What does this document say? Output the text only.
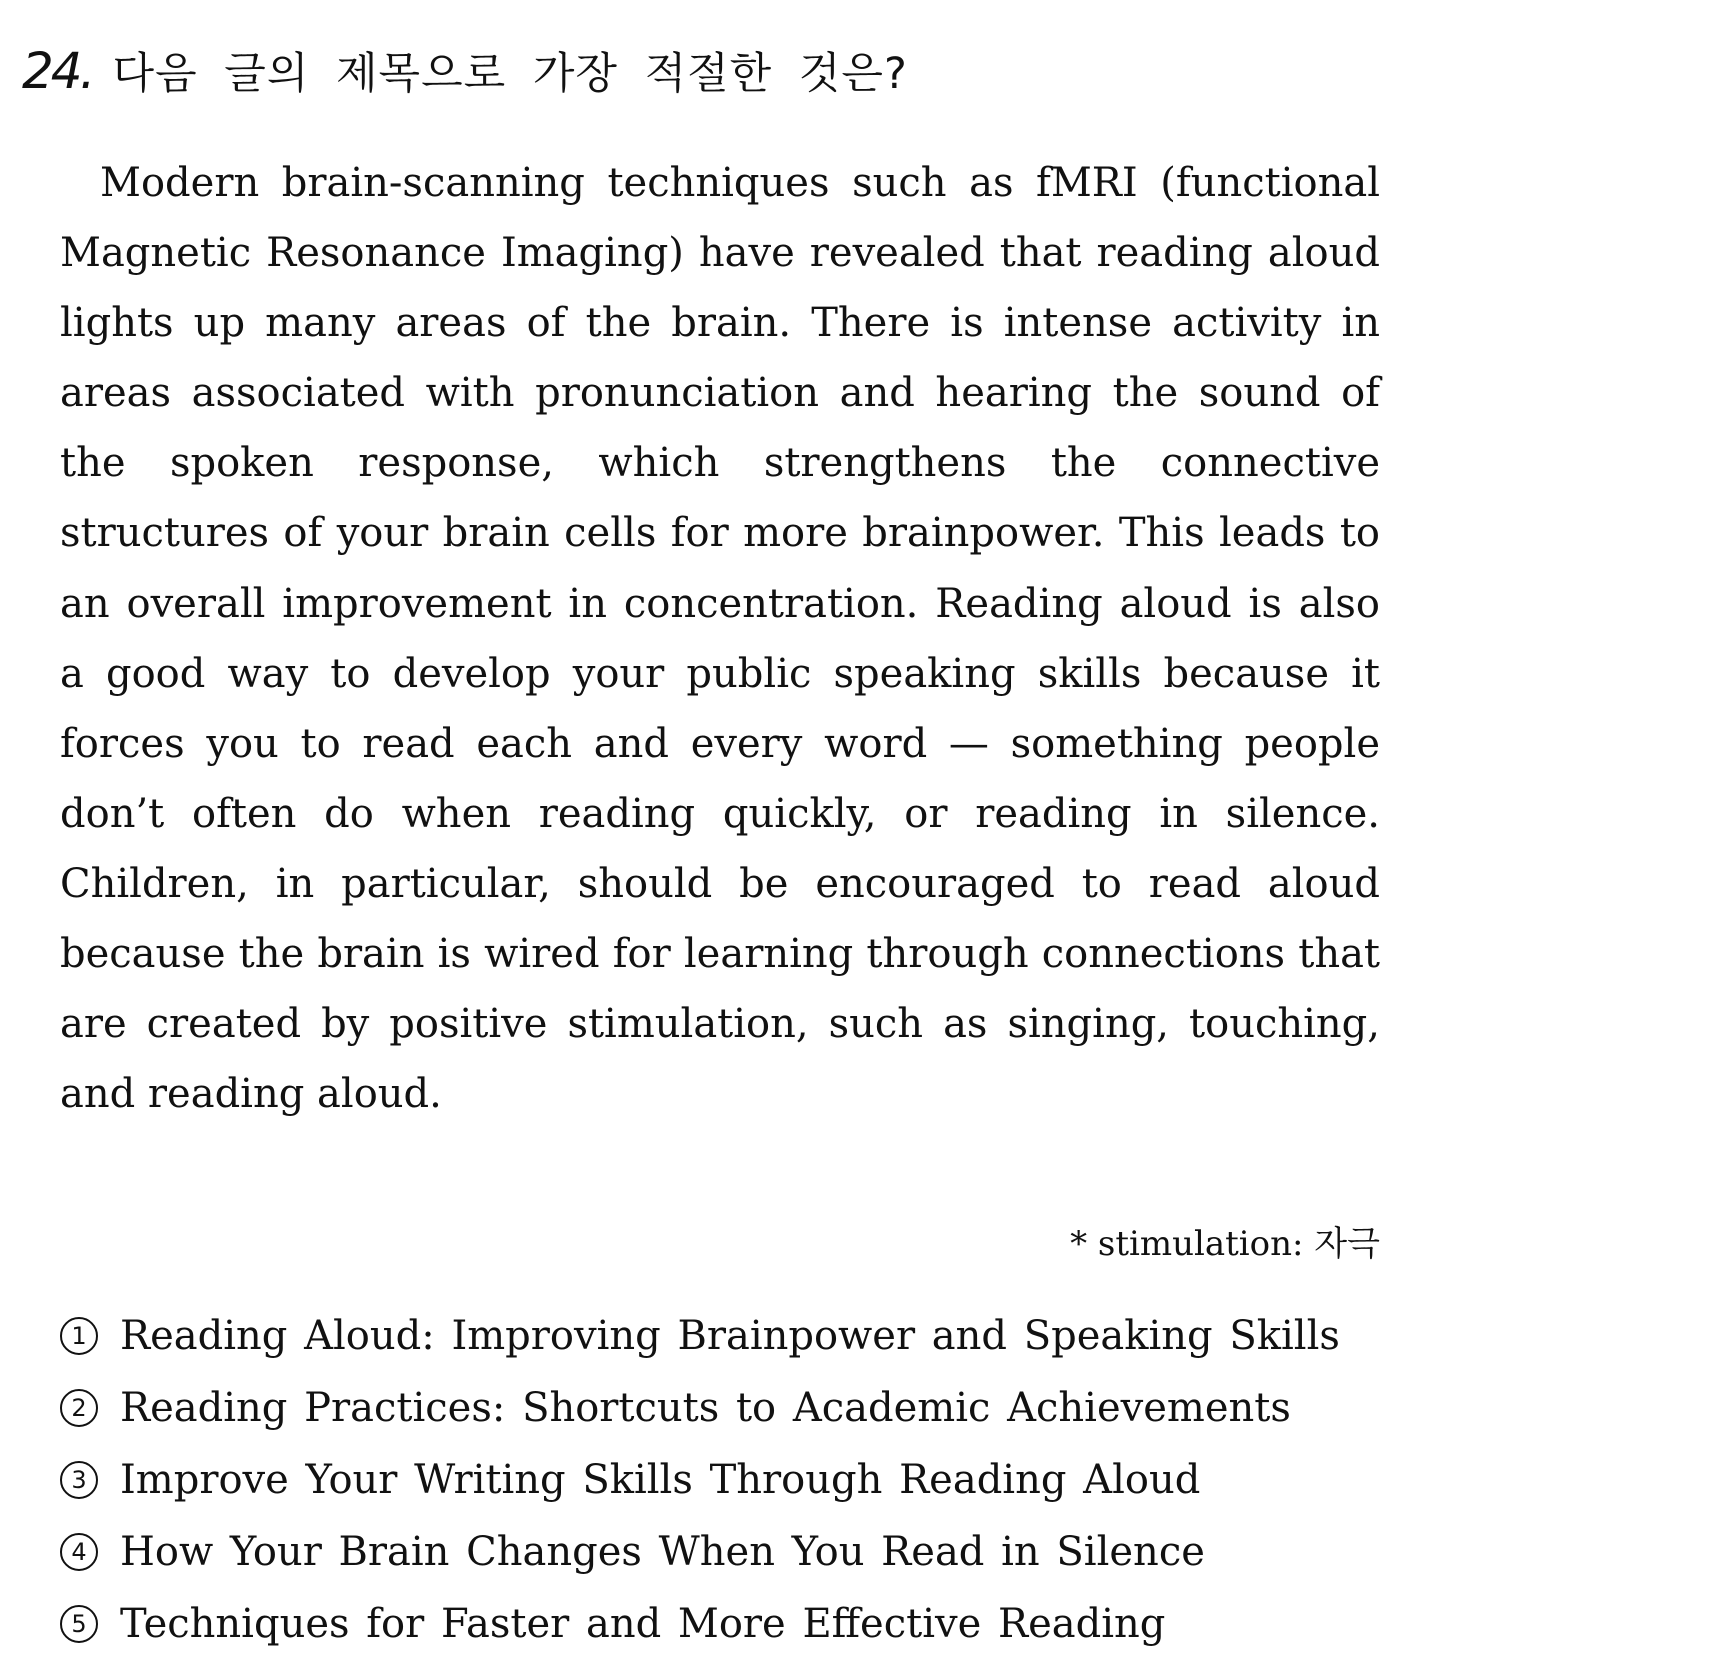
24. 다음 글의 제목으로 가장 적절한 것은?

Modern brain-scanning techniques such as fMRI (functional Magnetic Resonance Imaging) have revealed that reading aloud lights up many areas of the brain. There is intense activity in areas associated with pronunciation and hearing the sound of the spoken response, which strengthens the connective structures of your brain cells for more brainpower. This leads to an overall improvement in concentration. Reading aloud is also a good way to develop your public speaking skills because it forces you to read each and every word — something people don’t often do when reading quickly, or reading in silence. Children, in particular, should be encouraged to read aloud because the brain is wired for learning through connections that are created by positive stimulation, such as singing, touching, and reading aloud.

* stimulation: 자극
1 Reading Aloud: Improving Brainpower and Speaking Skills
2 Reading Practices: Shortcuts to Academic Achievements
3 Improve Your Writing Skills Through Reading Aloud
4 How Your Brain Changes When You Read in Silence
5 Techniques for Faster and More Effective Reading
